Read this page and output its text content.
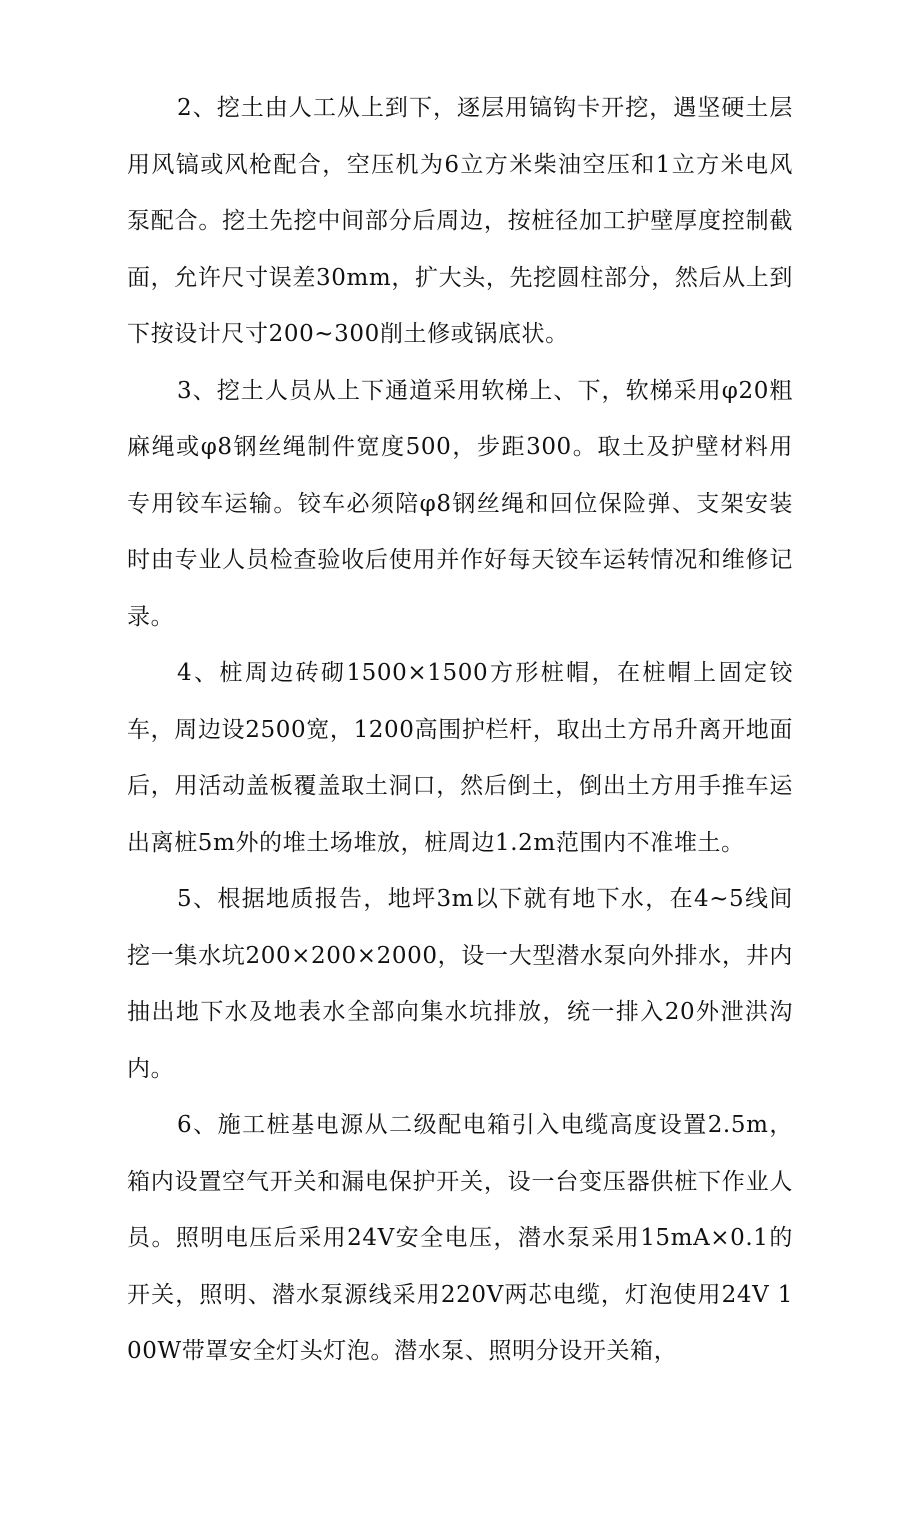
2、挖土由人工从上到下，逐层用镐钩卡开挖，遇坚硬土层用风镐或风枪配合，空压机为6立方米柴油空压和1立方米电风泵配合。挖土先挖中间部分后周边，按桩径加工护壁厚度控制截面，允许尺寸误差30mm，扩大头，先挖圆柱部分，然后从上到下按设计尺寸200~300削土修或锅底状。

3、挖土人员从上下通道采用软梯上、下，软梯采用φ20粗麻绳或φ8钢丝绳制件宽度500，步距300。取土及护壁材料用专用铰车运输。铰车必须陪φ8钢丝绳和回位保险弹、支架安装时由专业人员检查验收后使用并作好每天铰车运转情况和维修记录。

4、桩周边砖砌1500×1500方形桩帽，在桩帽上固定铰车，周边设2500宽，1200高围护栏杆，取出土方吊升离开地面后，用活动盖板覆盖取土洞口，然后倒土，倒出土方用手推车运出离桩5m外的堆土场堆放，桩周边1.2m范围内不准堆土。

5、根据地质报告，地坪3m以下就有地下水，在4~5线间挖一集水坑200×200×2000，设一大型潜水泵向外排水，井内抽出地下水及地表水全部向集水坑排放，统一排入20外泄洪沟内。

6、施工桩基电源从二级配电箱引入电缆高度设置2.5m，箱内设置空气开关和漏电保护开关，设一台变压器供桩下作业人员。照明电压后采用24V安全电压，潜水泵采用15mA×0.1的开关，照明、潜水泵源线采用220V两芯电缆，灯泡使用24V 100W带罩安全灯头灯泡。潜水泵、照明分设开关箱，
